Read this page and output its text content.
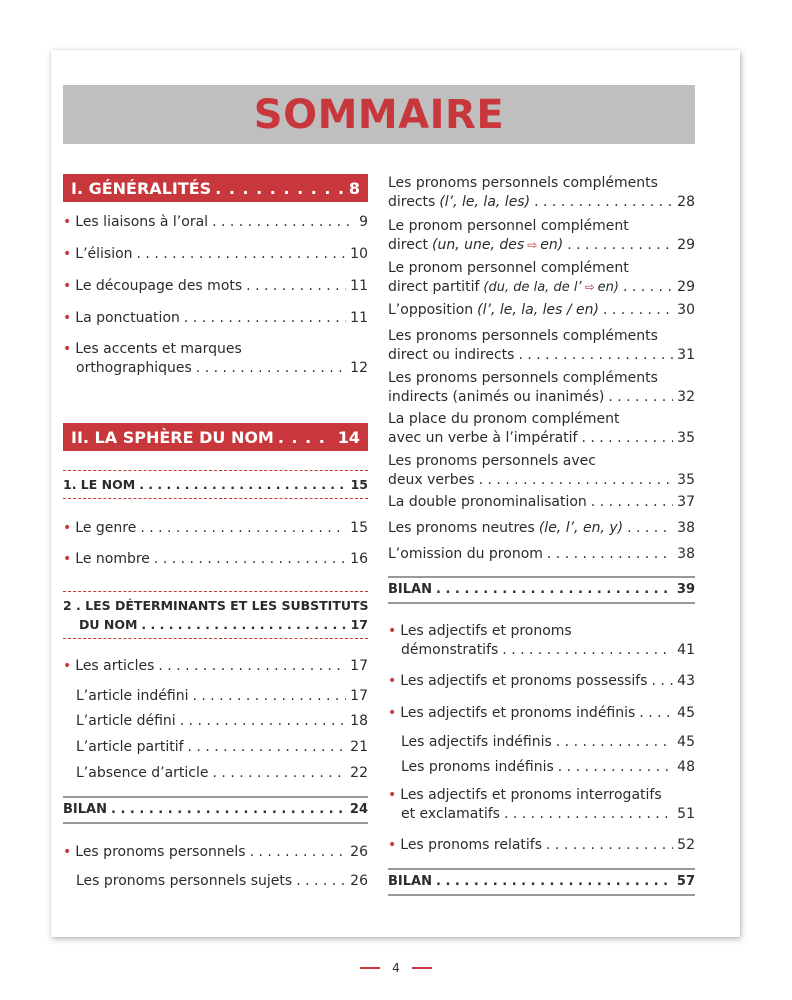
SOMMAIRE
I. GÉNÉRALITÉS . . .	8
• Les liaisons à l’oral . . .	9
• L’élision . . .	10
• Le découpage des mots . . .	11
• La ponctuation . . .	11
• Les accents et marques
orthographiques . . .	12
II. LA SPHÈRE DU NOM . . .	14
1. LE NOM . . .	15
• Le genre . . .	15
• Le nombre . . .	16
2 . LES DÉTERMINANTS ET LES SUBSTITUTS
DU NOM . . .	17
• Les articles . . .	17
L’article indéfini . . .	17
L’article défini . . .	18
L’article partitif . . .	21
L’absence d’article . . .	22
BILAN . . .	24
• Les pronoms personnels . . .	26
Les pronoms personnels sujets . . .	26
Les pronoms personnels compléments
directs (l’, le, la, les) . . .	28
Le pronom personnel complément
direct (un, une, des ⇨ en) . . .	29
Le pronom personnel complément
direct partitif (du, de la, de l’ ⇨ en) . . .	29
L’opposition (l’, le, la, les / en) . . .	30
Les pronoms personnels compléments
direct ou indirects . . .	31
Les pronoms personnels compléments
indirects (animés ou inanimés) . . .	32
La place du pronom complément
avec un verbe à l’impératif . . .	35
Les pronoms personnels avec
deux verbes . . .	35
La double pronominalisation . . .	37
Les pronoms neutres (le, l’, en, y) . . .	38
L’omission du pronom . . .	38
BILAN . . .	39
• Les adjectifs et pronoms
démonstratifs . . .	41
• Les adjectifs et pronoms possessifs . . . 43
• Les adjectifs et pronoms indéfinis . . .	45
Les adjectifs indéfinis . . .	45
Les pronoms indéfinis . . .	48
• Les adjectifs et pronoms interrogatifs
et exclamatifs . . .	51
• Les pronoms relatifs . . .	52
BILAN . . .	57
4
